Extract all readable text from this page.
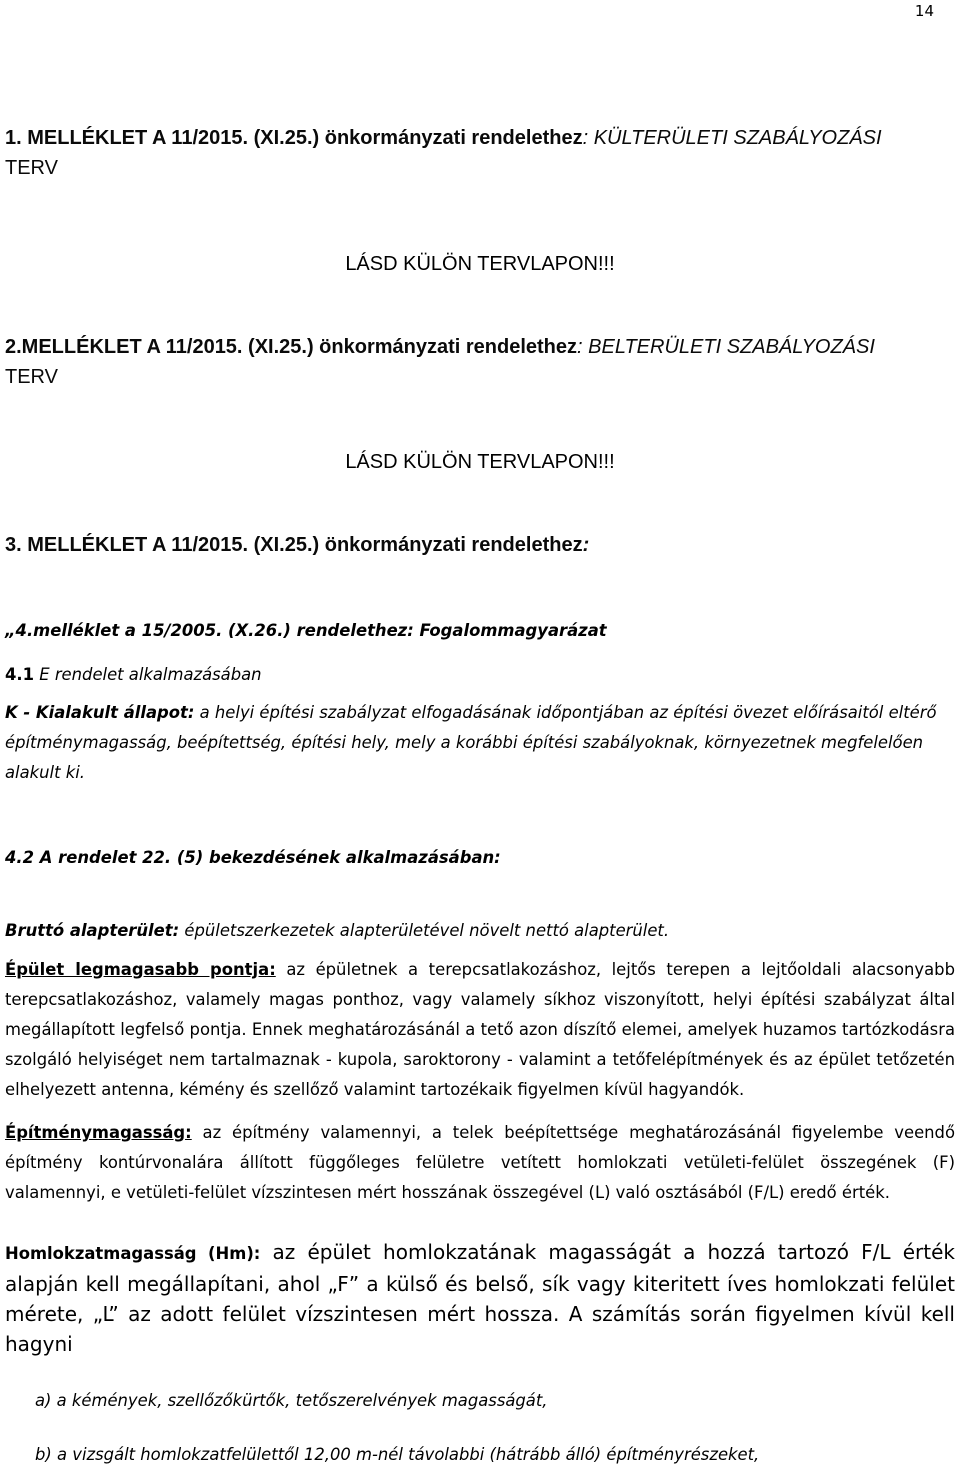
14
1. MELLÉKLET A 11/2015. (XI.25.) önkormányzati rendelethez: KÜLTERÜLETI SZABÁLYOZÁSI
TERV
LÁSD KÜLÖN TERVLAPON!!!
2.MELLÉKLET A 11/2015. (XI.25.) önkormányzati rendelethez: BELTERÜLETI SZABÁLYOZÁSI
TERV
LÁSD KÜLÖN TERVLAPON!!!
3. MELLÉKLET A 11/2015. (XI.25.) önkormányzati rendelethez:
„4.melléklet a 15/2005. (X.26.) rendelethez: Fogalommagyarázat
4.1 E rendelet alkalmazásában
K - Kialakult állapot: a helyi építési szabályzat elfogadásának időpontjában az építési övezet előírásaitól eltérő építménymagasság, beépítettség, építési hely, mely a korábbi építési szabályoknak, környezetnek megfelelően alakult ki.
4.2 A rendelet 22. (5) bekezdésének alkalmazásában:
Bruttó alapterület: épületszerkezetek alapterületével növelt nettó alapterület.
Épület legmagasabb pontja: az épületnek a terepcsatlakozáshoz, lejtős terepen a lejtőoldali alacsonyabb terepcsatlakozáshoz, valamely magas ponthoz, vagy valamely síkhoz viszonyított, helyi építési szabályzat által megállapított legfelső pontja. Ennek meghatározásánál a tető azon díszítő elemei, amelyek huzamos tartózkodásra szolgáló helyiséget nem tartalmaznak - kupola, saroktorony - valamint a tetőfelépítmények és az épület tetőzetén elhelyezett antenna, kémény és szellőző valamint tartozékaik figyelmen kívül hagyandók.
Építménymagasság: az építmény valamennyi, a telek beépítettsége meghatározásánál figyelembe veendő építmény kontúrvonalára állított függőleges felületre vetített homlokzati vetületi-felület összegének (F) valamennyi, e vetületi-felület vízszintesen mért hosszának összegével (L) való osztásából (F/L) eredő érték.
Homlokzatmagasság (Hm): az épület homlokzatának magasságát a hozzá tartozó F/L érték alapján kell megállapítani, ahol „F” a külső és belső, sík vagy kiteritett íves homlokzati felület mérete, „L” az adott felület vízszintesen mért hossza. A számítás során figyelmen kívül kell hagyni
a) a kémények, szellőzőkürtők, tetőszerelvények magasságát,
b) a vizsgált homlokzatfelülettől 12,00 m-nél távolabbi (hátrább álló) építményrészeket,
